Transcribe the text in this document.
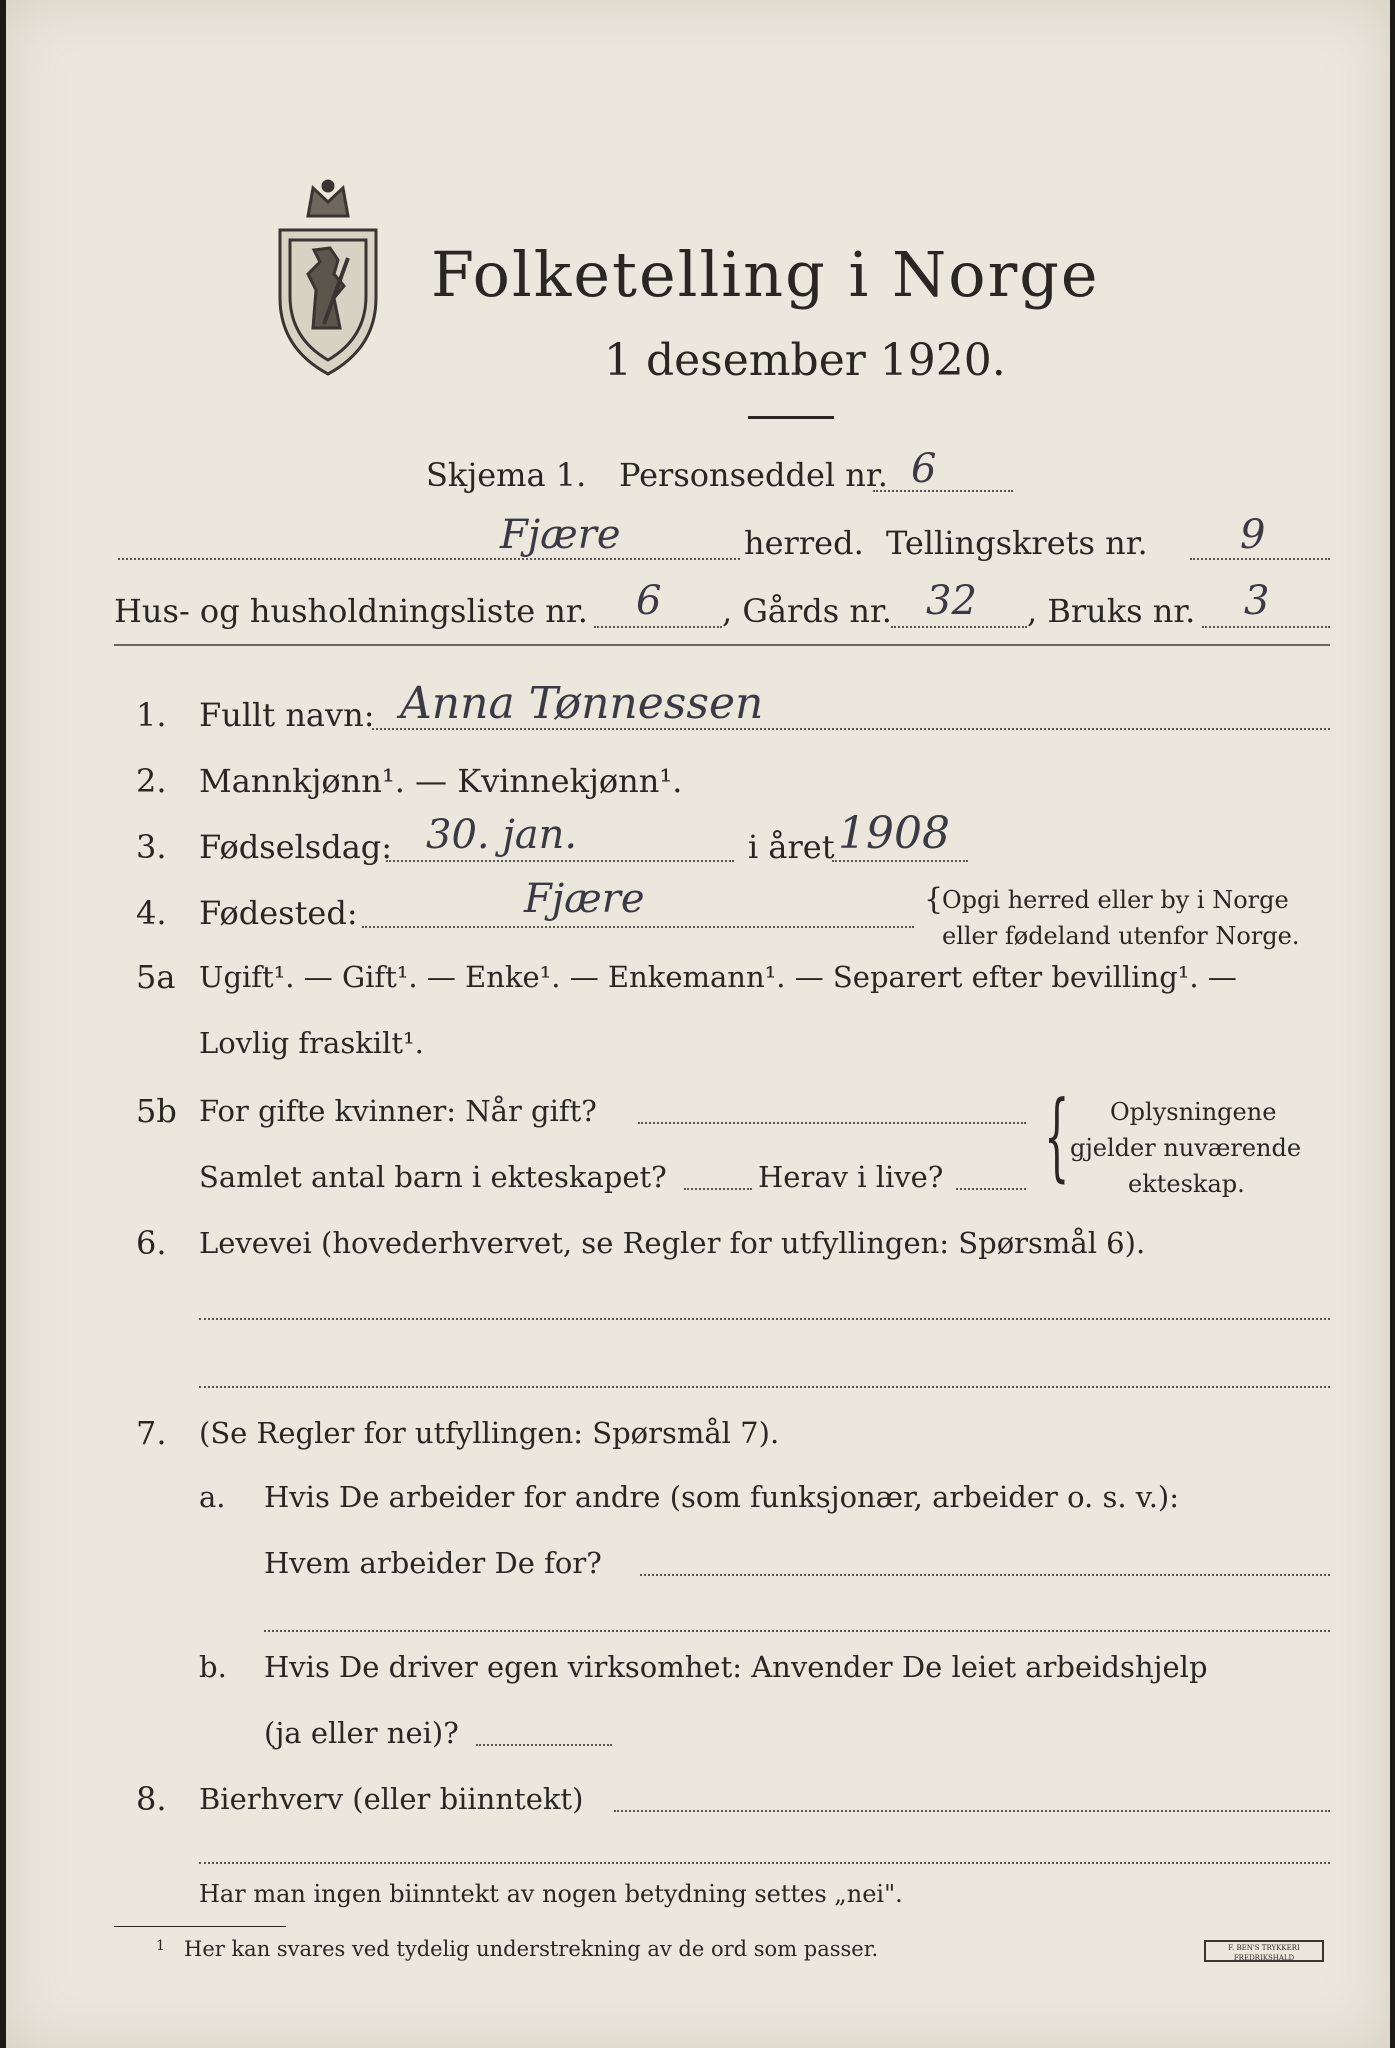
Folketelling i Norge
1 desember 1920.
Skjema 1. Personseddel nr. 6
Fjære	herred. Tellingskrets nr. 9
Hus- og husholdningsliste nr. 6 , Gårds nr. 32 , Bruks nr. 3
1. Fullt navn: Anna Tønnessen
2. Mannkjønn¹. — Kvinnekjønn¹.
3. Fødselsdag: 30. jan.	i året 1908
4. Fødested:	Fjære	{
Opgi herred eller by i Norge
eller fødeland utenfor Norge.
5a Ugift¹. — Gift¹. — Enke¹. — Enkemann¹. — Separert efter bevilling¹. —
Lovlig fraskilt¹.
5b For gifte kvinner: Når gift?
Samlet antal barn i ekteskapet?	Herav i live?	{ Oplysningene
gjelder nuværende
ekteskap.
6. Levevei (hovederhvervet, se Regler for utfyllingen: Spørsmål 6).
7. (Se Regler for utfyllingen: Spørsmål 7).
a. Hvis De arbeider for andre (som funksjonær, arbeider o. s. v.):
Hvem arbeider De for?
b. Hvis De driver egen virksomhet: Anvender De leiet arbeidshjelp
(ja eller nei)?
8. Bierhverv (eller biinntekt)
Har man ingen biinntekt av nogen betydning settes „nei".
1 Her kan svares ved tydelig understrekning av de ord som passer.	F. BEN'S TRYKKERI FREDRIKSHALD
